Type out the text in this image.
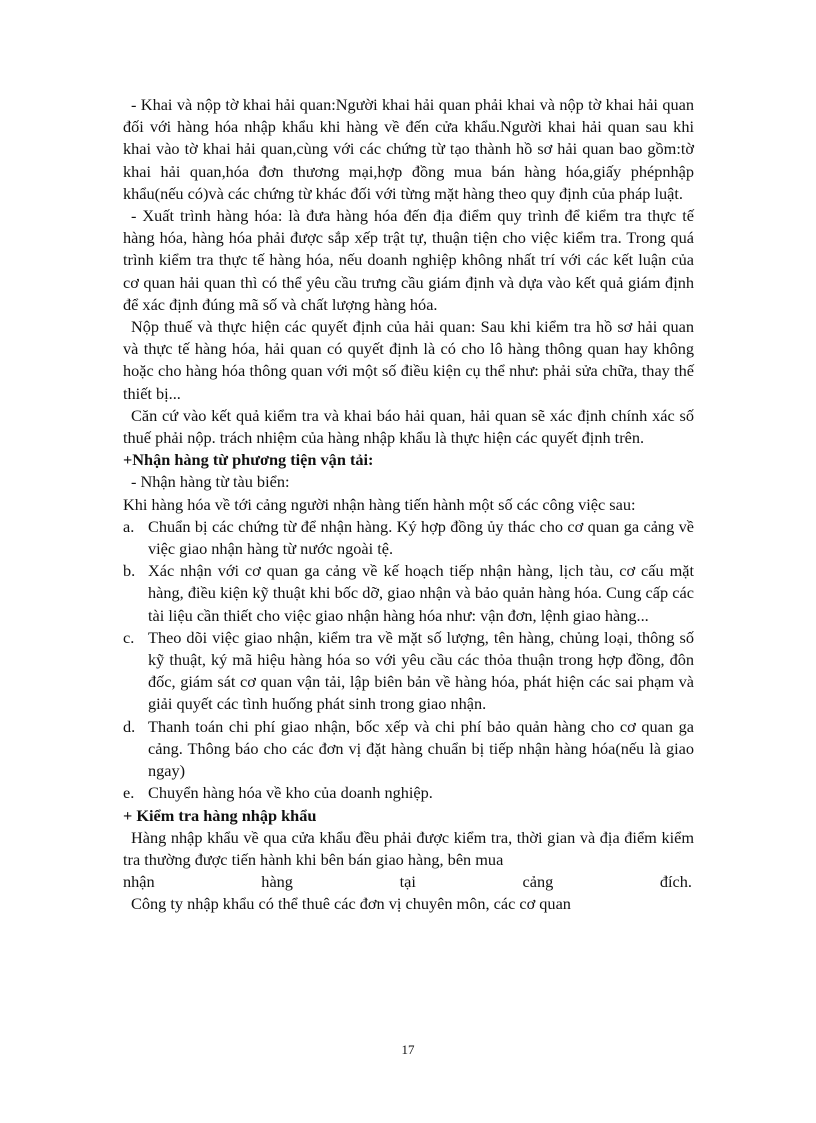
- Khai và nộp tờ khai hải quan:Người khai hải quan phải khai và nộp tờ khai hải quan đối với hàng hóa nhập khẩu khi hàng về đến cửa khẩu.Người khai hải quan sau khi khai vào tờ khai hải quan,cùng với các chứng từ tạo thành hồ sơ hải quan bao gồm:tờ khai hải quan,hóa đơn thương mại,hợp đồng mua bán hàng hóa,giấy phépnhập khẩu(nếu có)và các chứng từ khác đối với từng mặt hàng theo quy định của pháp luật.

- Xuất trình hàng hóa: là đưa hàng hóa đến địa điểm quy trình để kiểm tra thực tế hàng hóa, hàng hóa phải được sắp xếp trật tự, thuận tiện cho việc kiểm tra. Trong quá trình kiểm tra thực tế hàng hóa, nếu doanh nghiệp không nhất trí với các kết luận của cơ quan hải quan thì có thể yêu cầu trưng cầu giám định và dựa vào kết quả giám định để xác định đúng mã số và chất lượng hàng hóa.

Nộp thuế và thực hiện các quyết định của hải quan: Sau khi kiểm tra hồ sơ hải quan và thực tế hàng hóa, hải quan có quyết định là có cho lô hàng thông quan hay không hoặc cho hàng hóa thông quan với một số điều kiện cụ thể như: phải sửa chữa, thay thế thiết bị...

Căn cứ vào kết quả kiểm tra và khai báo hải quan, hải quan sẽ xác định chính xác số thuế phải nộp. trách nhiệm của hàng nhập khẩu là thực hiện các quyết định trên.

+Nhận hàng từ phương tiện vận tải:

- Nhận hàng từ tàu biển:

Khi hàng hóa về tới cảng người nhận hàng tiến hành một số các công việc sau:

a. Chuẩn bị các chứng từ để nhận hàng. Ký hợp đồng ủy thác cho cơ quan ga cảng về việc giao nhận hàng từ nước ngoài tệ.
b. Xác nhận với cơ quan ga cảng về kế hoạch tiếp nhận hàng, lịch tàu, cơ cấu mặt hàng, điều kiện kỹ thuật khi bốc dỡ, giao nhận và bảo quản hàng hóa. Cung cấp các tài liệu cần thiết cho việc giao nhận hàng hóa như: vận đơn, lệnh giao hàng...
c. Theo dõi việc giao nhận, kiểm tra về mặt số lượng, tên hàng, chủng loại, thông số kỹ thuật, ký mã hiệu hàng hóa so với yêu cầu các thỏa thuận trong hợp đồng, đôn đốc, giám sát cơ quan vận tải, lập biên bản về hàng hóa, phát hiện các sai phạm và giải quyết các tình huống phát sinh trong giao nhận.
d. Thanh toán chi phí giao nhận, bốc xếp và chi phí bảo quản hàng cho cơ quan ga cảng. Thông báo cho các đơn vị đặt hàng chuẩn bị tiếp nhận hàng hóa(nếu là giao ngay)
e. Chuyển hàng hóa về kho của doanh nghiệp.
+ Kiểm tra hàng nhập khẩu

Hàng nhập khẩu về qua cửa khẩu đều phải được kiểm tra, thời gian và địa điểm kiểm tra thường được tiến hành khi bên bán giao hàng, bên mua

nhận	hàng	tại	cảng	đích.

Công ty nhập khẩu có thể thuê các đơn vị chuyên môn, các cơ quan

17
